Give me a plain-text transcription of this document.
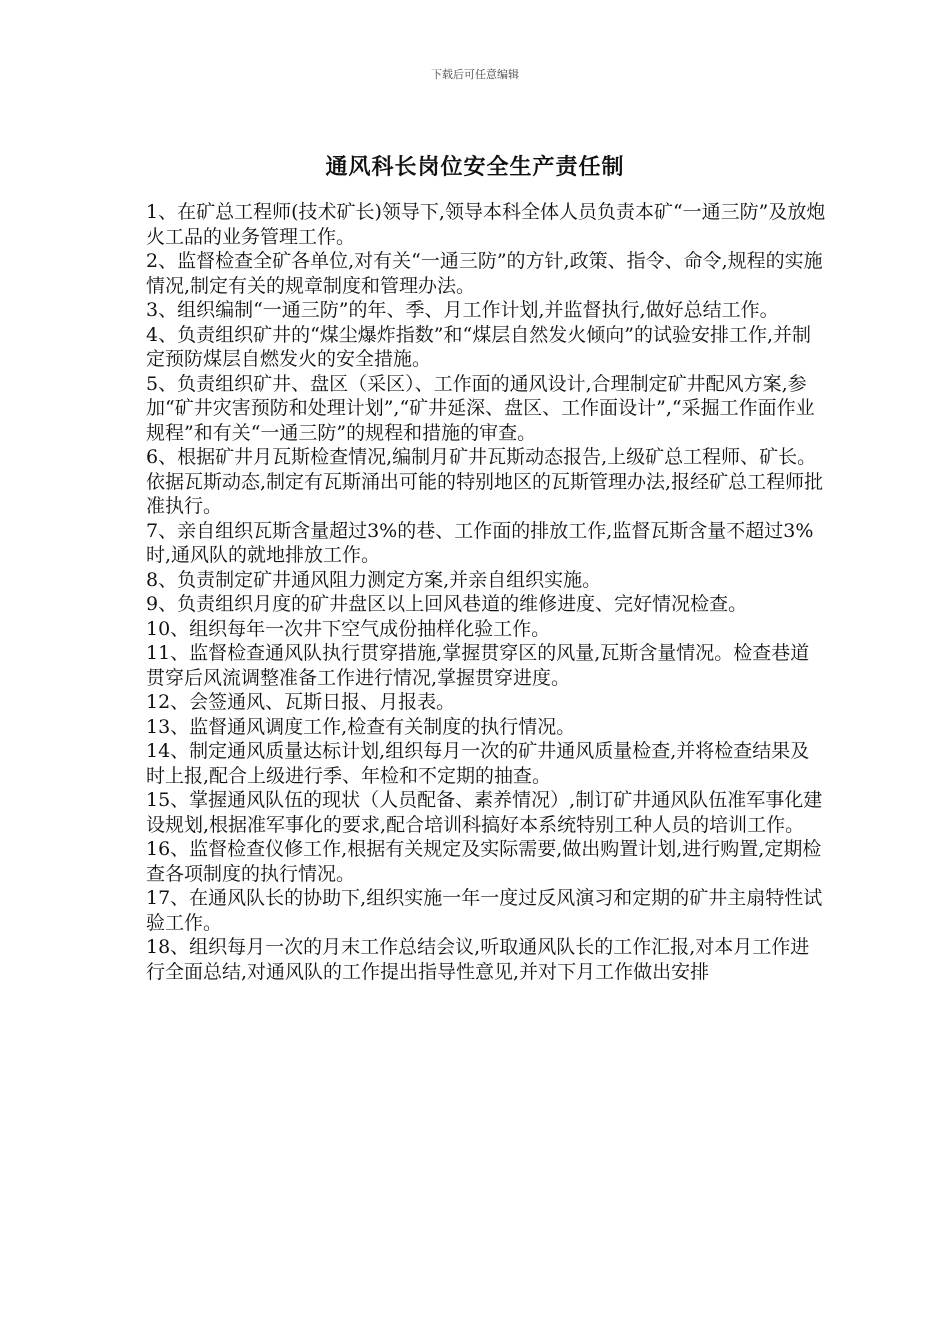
下载后可任意编辑
通风科长岗位安全生产责任制

1、在矿总工程师(技术矿长)领导下,领导本科全体人员负责本矿“一通三防”及放炮火工品的业务管理工作。

2、监督检查全矿各单位,对有关“一通三防”的方针,政策、指令、命令,规程的实施情况,制定有关的规章制度和管理办法。

3、组织编制“一通三防”的年、季、月工作计划,并监督执行,做好总结工作。

4、负责组织矿井的“煤尘爆炸指数”和“煤层自然发火倾向”的试验安排工作,并制定预防煤层自燃发火的安全措施。

5、负责组织矿井、盘区（采区）、工作面的通风设计,合理制定矿井配风方案,参加“矿井灾害预防和处理计划”,“矿井延深、盘区、工作面设计”,“采掘工作面作业规程”和有关“一通三防”的规程和措施的审查。

6、根据矿井月瓦斯检查情况,编制月矿井瓦斯动态报告,上级矿总工程师、矿长。依据瓦斯动态,制定有瓦斯涌出可能的特别地区的瓦斯管理办法,报经矿总工程师批准执行。

7、亲自组织瓦斯含量超过3%的巷、工作面的排放工作,监督瓦斯含量不超过3%时,通风队的就地排放工作。

8、负责制定矿井通风阻力测定方案,并亲自组织实施。

9、负责组织月度的矿井盘区以上回风巷道的维修进度、完好情况检查。

10、组织每年一次井下空气成份抽样化验工作。

11、监督检查通风队执行贯穿措施,掌握贯穿区的风量,瓦斯含量情况。检查巷道贯穿后风流调整准备工作进行情况,掌握贯穿进度。

12、会签通风、瓦斯日报、月报表。

13、监督通风调度工作,检查有关制度的执行情况。

14、制定通风质量达标计划,组织每月一次的矿井通风质量检查,并将检查结果及时上报,配合上级进行季、年检和不定期的抽查。

15、掌握通风队伍的现状（人员配备、素养情况）,制订矿井通风队伍准军事化建设规划,根据准军事化的要求,配合培训科搞好本系统特别工种人员的培训工作。

16、监督检查仪修工作,根据有关规定及实际需要,做出购置计划,进行购置,定期检查各项制度的执行情况。

17、在通风队长的协助下,组织实施一年一度过反风演习和定期的矿井主扇特性试验工作。

18、组织每月一次的月末工作总结会议,听取通风队长的工作汇报,对本月工作进行全面总结,对通风队的工作提出指导性意见,并对下月工作做出安排
